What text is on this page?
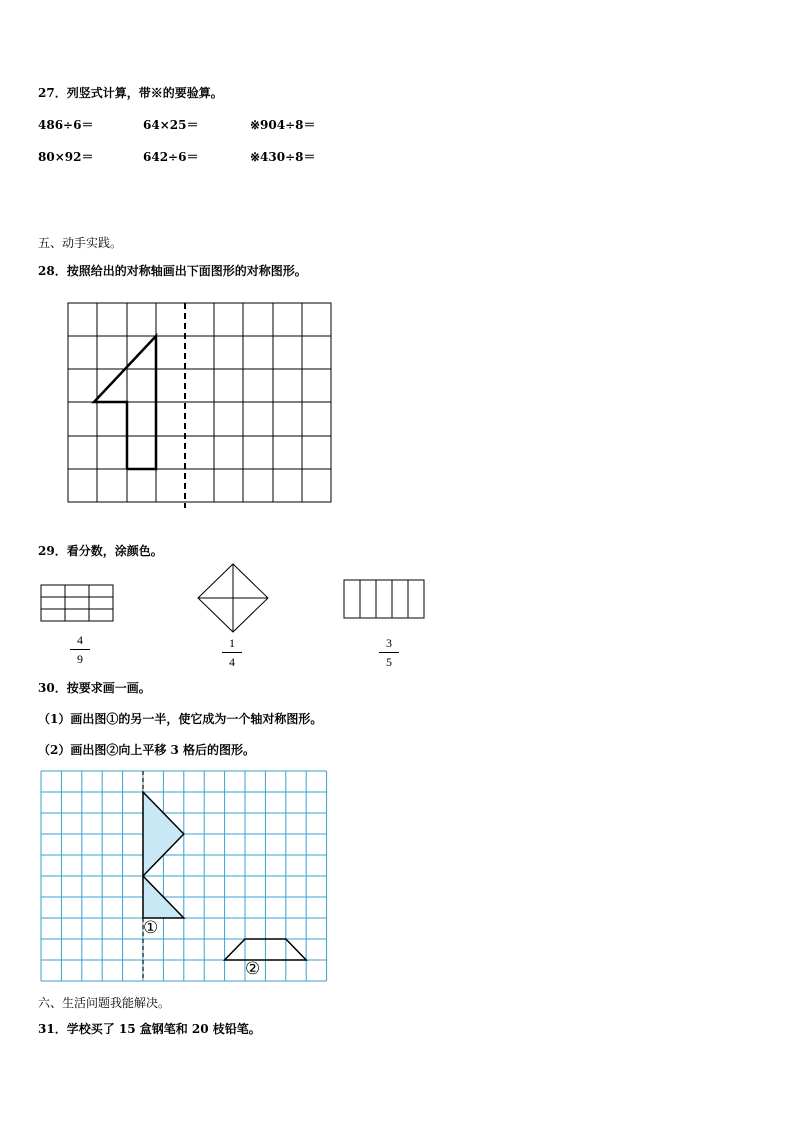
27．列竖式计算，带※的要验算。
486÷6＝	64×25＝	※904÷8＝
80×92＝	642÷6＝	※430÷8＝
五、动手实践。
28．按照给出的对称轴画出下面图形的对称图形。
29．看分数，涂颜色。
4
9
1
4
3
5
30．按要求画一画。
（1）画出图①的另一半，使它成为一个轴对称图形。
（2）画出图②向上平移 3 格后的图形。
①
②
六、生活问题我能解决。
31．学校买了 15 盒钢笔和 20 枝铅笔。
